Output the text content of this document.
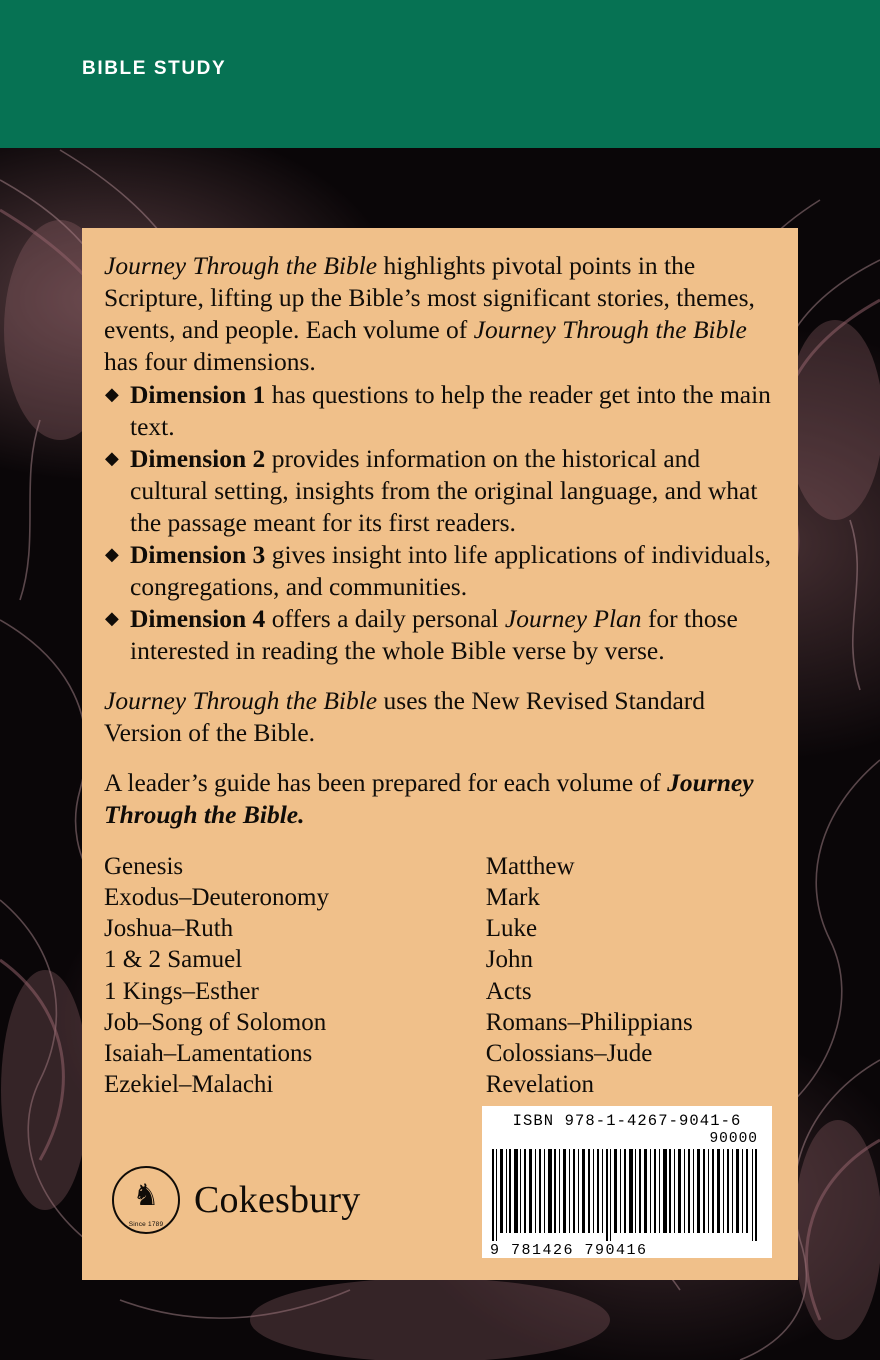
BIBLE STUDY

Journey Through the Bible highlights pivotal points in the Scripture, lifting up the Bible’s most significant stories, themes, events, and people. Each volume of Journey Through the Bible has four dimensions.

◆ Dimension 1 has questions to help the reader get into the main text.
◆ Dimension 2 provides information on the historical and cultural setting, insights from the original language, and what the passage meant for its first readers.
◆ Dimension 3 gives insight into life applications of individuals, congregations, and communities.
◆ Dimension 4 offers a daily personal Journey Plan for those interested in reading the whole Bible verse by verse.

Journey Through the Bible uses the New Revised Standard Version of the Bible.

A leader’s guide has been prepared for each volume of Journey Through the Bible.

Genesis
Exodus–Deuteronomy
Joshua–Ruth
1 & 2 Samuel
1 Kings–Esther
Job–Song of Solomon
Isaiah–Lamentations
Ezekiel–Malachi
Matthew
Mark
Luke
John
Acts
Romans–Philippians
Colossians–Jude
Revelation
♞
Since 1789
Cokesbury
ISBN 978-1-4267-9041-6
90000
9 781426 790416
